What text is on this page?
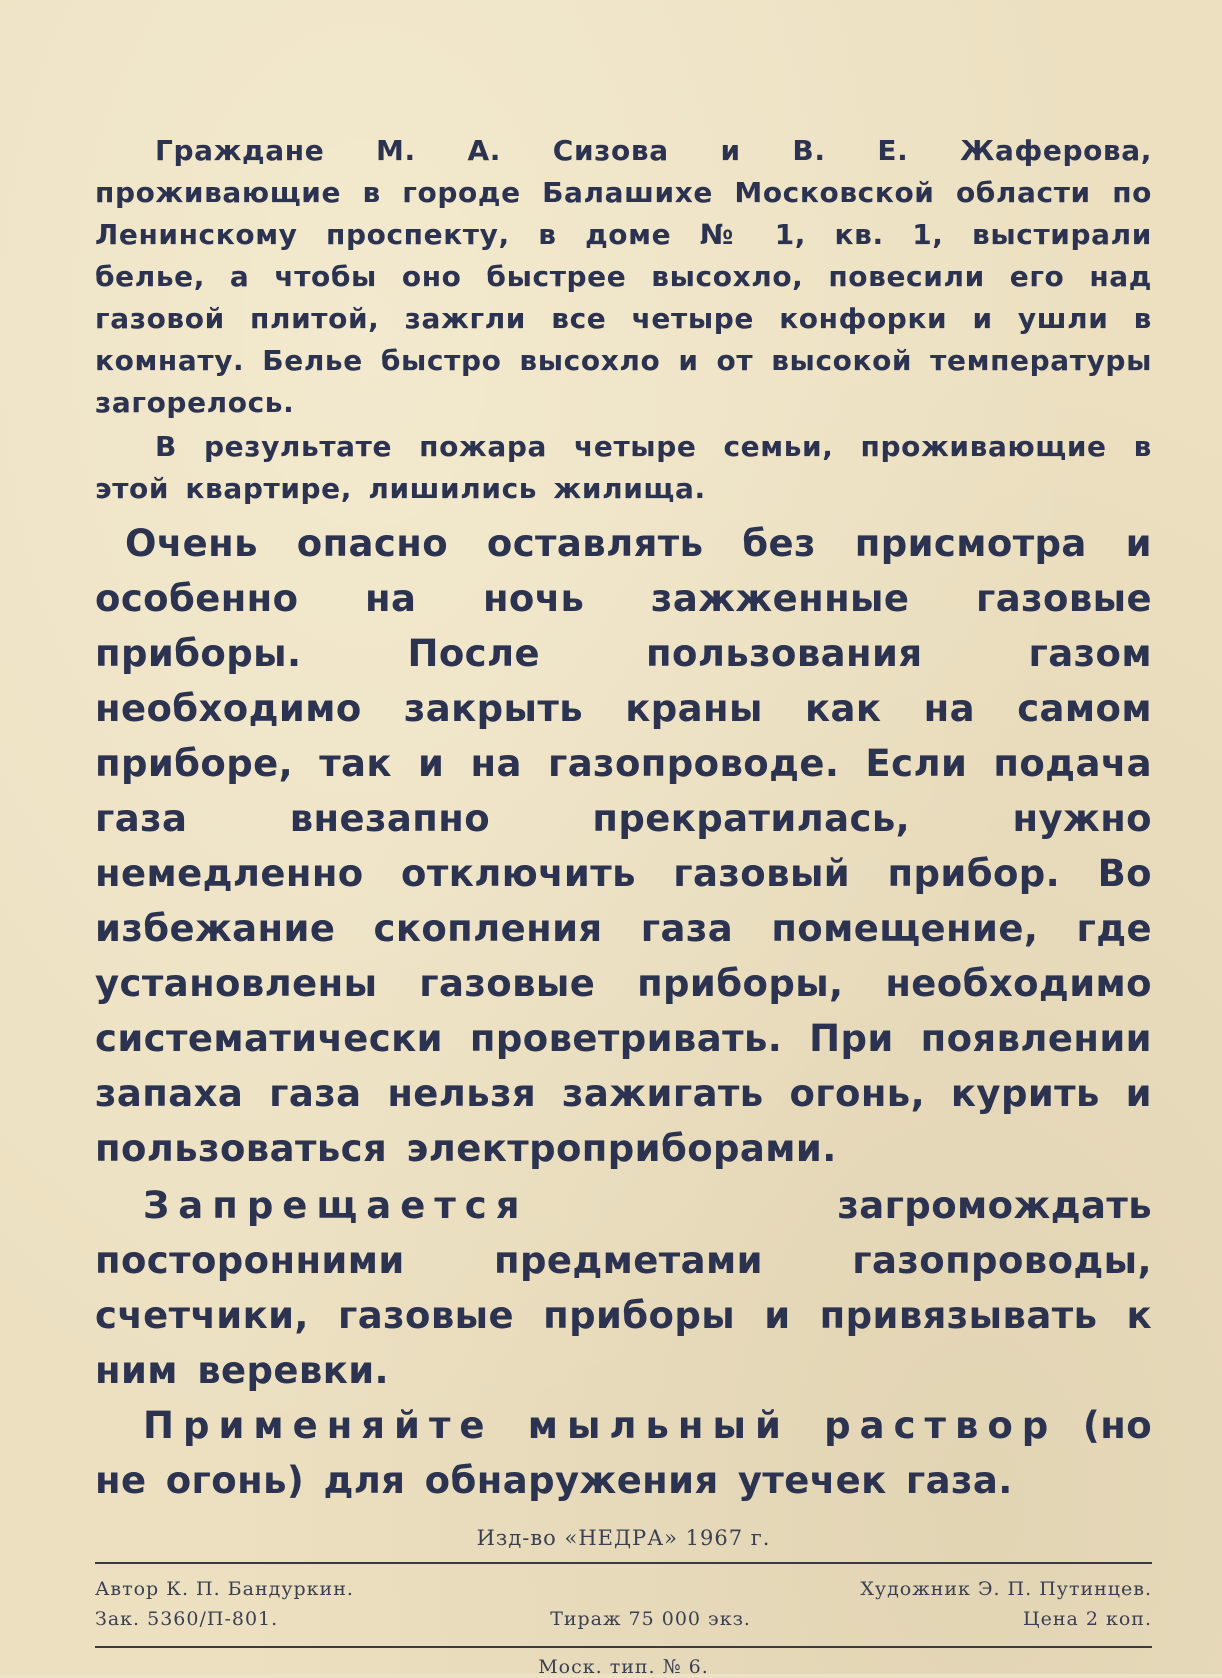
Граждане М. А. Сизова и В. Е. Жаферова, проживающие в городе Балашихе Московской области по Ленинскому проспекту, в доме № 1, кв. 1, выстирали белье, а чтобы оно быстрее высохло, повесили его над газовой плитой, зажгли все четыре конфорки и ушли в комнату. Белье быстро высохло и от высокой температуры загорелось.

В результате пожара четыре семьи, проживающие в этой квартире, лишились жилища.

Очень опасно оставлять без присмотра и особенно на ночь зажженные газовые приборы. После пользования газом необходимо закрыть краны как на самом приборе, так и на газопроводе. Если подача газа внезапно прекратилась, нужно немедленно отключить газовый прибор. Во избежание скопления газа помещение, где установлены газовые приборы, необходимо систематически проветривать. При появлении запаха газа нельзя зажигать огонь, курить и пользоваться электроприборами.

Запрещается загромождать посторонними предметами газопроводы, счетчики, газовые приборы и привязывать к ним веревки.

Применяйте мыльный раствор (но не огонь) для обнаружения утечек газа.

Изд-во «НЕДРА» 1967 г.
Автор К. П. Бандуркин.	Художник Э. П. Путинцев.
Зак. 5360/П-801.	Тираж 75 000 экз.	Цена 2 коп.
Моск. тип. № 6.
